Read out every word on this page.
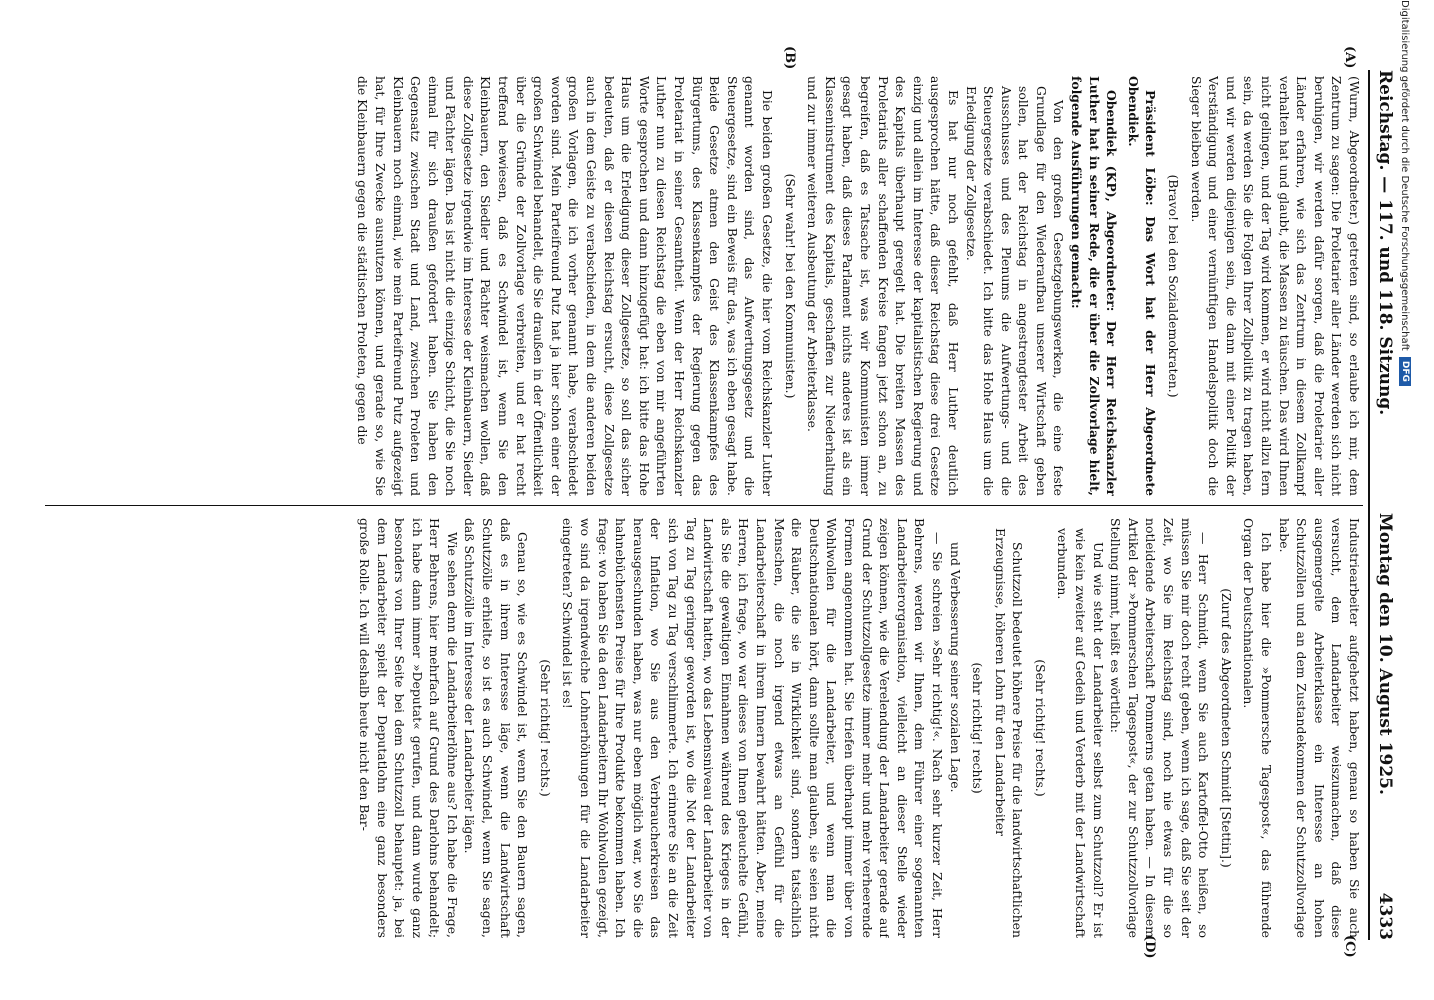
Reichstag. — 117. und 118. Sitzung.
Montag den 10. August 1925.
4333
(A)
(B)
(C)
(D)

(Wurm, Abgeordneter.) getreten sind, so erlaube ich mir, dem Zentrum zu sagen: Die Proletarier aller Länder werden sich nicht beruhigen, wir werden dafür sorgen, daß die Proletarier aller Länder erfahren, wie sich das Zentrum in diesem Zollkampf verhalten hat und glaubt, die Massen zu täuschen. Das wird Ihnen nicht gelingen, und der Tag wird kommen, er wird nicht allzu fern sein, da werden Sie die Folgen Ihrer Zollpolitik zu tragen haben, und wir werden diejenigen sein, die dann mit einer Politik der Verständigung und einer vernünftigen Handelspolitik doch die Sieger bleiben werden.

(Bravo! bei den Sozialdemokraten.)

Präsident Löbe: Das Wort hat der Herr Abgeordnete Obendiek.

Obendiek (KP), Abgeordneter: Der Herr Reichskanzler Luther hat in seiner Rede, die er über die Zollvorlage hielt, folgende Ausführungen gemacht:

Von den großen Gesetzgebungswerken, die eine feste Grundlage für den Wiederaufbau unserer Wirtschaft geben sollen, hat der Reichstag in angestrengtester Arbeit des Ausschusses und des Plenums die Aufwertungs- und die Steuergesetze verabschiedet. Ich bitte das Hohe Haus um die Erledigung der Zollgesetze.

Es hat nur noch gefehlt, daß Herr Luther deutlich ausgesprochen hätte, daß dieser Reichstag diese drei Gesetze einzig und allein im Interesse der kapitalistischen Regierung und des Kapitals überhaupt geregelt hat. Die breiten Massen des Proletariats aller schaffenden Kreise fangen jetzt schon an, zu begreifen, daß es Tatsache ist, was wir Kommunisten immer gesagt haben, daß dieses Parlament nichts anderes ist als ein Klasseninstrument des Kapitals, geschaffen zur Niederhaltung und zur immer weiteren Ausbeutung der Arbeiterklasse.

(Sehr wahr! bei den Kommunisten.)

Die beiden großen Gesetze, die hier vom Reichskanzler Luther genannt worden sind, das Aufwertungsgesetz und die Steuergesetze, sind ein Beweis für das, was ich eben gesagt habe. Beide Gesetze atmen den Geist des Klassenkampfes des Bürgertums, des Klassenkampfes der Regierung gegen das Proletariat in seiner Gesamtheit. Wenn der Herr Reichskanzler Luther nun zu diesen Reichstag die eben von mir angeführten Worte gesprochen und dann hinzugefügt hat: ich bitte das Hohe Haus um die Erledigung dieser Zollgesetze, so soll das sicher bedeuten, daß er diesen Reichstag ersucht, diese Zollgesetze auch in dem Geiste zu verabschieden, in dem die anderen beiden großen Vorlagen, die ich vorher genannt habe, verabschiedet worden sind. Mein Parteifreund Putz hat ja hier schon einer der großen Schwindel behandelt, die Sie draußen in der Öffentlichkeit über die Gründe der Zollvorlage verbreiten, und er hat recht treffend bewiesen, daß es Schwindel ist, wenn Sie den Kleinbauern, den Siedler und Pächter weismachen wollen, daß diese Zollgesetze irgendwie im Interesse der Kleinbauern, Siedler und Pächter lägen. Das ist nicht die einzige Schicht, die Sie noch einmal für sich draußen gefordert haben. Sie haben den Gegensatz zwischen Stadt und Land, zwischen Proleten und Kleinbauern noch einmal, wie mein Parteifreund Putz aufgezeigt hat, für Ihre Zwecke ausnutzen können, und gerade so, wie Sie die Kleinbauern gegen die städtischen Proleten, gegen die

Industriearbeiter aufgehetzt haben, genau so haben Sie auch versucht, dem Landarbeiter weiszumachen, daß diese ausgemergelte Arbeiterklasse ein Interesse an hohen Schutzzöllen und an dem Zustandekommen der Schutzzollvorlage habe.

Ich habe hier die »Pommersche Tagespost«, das führende Organ der Deutschnationalen.

(Zuruf des Abgeordneten Schmidt [Stettin].)

— Herr Schmidt, wenn Sie auch Kartoffel-Otto heißen, so müssen Sie mir doch recht geben, wenn ich sage, daß Sie seit der Zeit, wo Sie im Reichstag sind, noch nie etwas für die so notleidende Arbeiterschaft Pommerns getan haben. — In diesem Artikel der »Pommerschen Tagespost«, der zur Schutzzollvorlage Stellung nimmt, heißt es wörtlich:

Und wie steht der Landarbeiter selbst zum Schutzzoll? Er ist wie kein zweiter auf Gedeih und Verderb mit der Landwirtschaft verbunden.

(Sehr richtig! rechts.)

Schutzzoll bedeutet höhere Preise für die landwirtschaftlichen Erzeugnisse, höheren Lohn für den Landarbeiter

(sehr richtig! rechts)

und Verbesserung seiner sozialen Lage.

— Sie schreien »Sehr richtig!«. Nach sehr kurzer Zeit, Herr Behrens, werden wir Ihnen, dem Führer einer sogenannten Landarbeiterorganisation, vielleicht an dieser Stelle wieder zeigen können, wie die Verelendung der Landarbeiter gerade auf Grund der Schutzzollgesetze immer mehr und mehr verheerende Formen angenommen hat. Sie triefen überhaupt immer über von Wohlwollen für die Landarbeiter, und wenn man die Deutschnationalen hört, dann sollte man glauben, sie seien nicht die Räuber, die sie in Wirklichkeit sind, sondern tatsächlich Menschen, die noch irgend etwas an Gefühl für die Landarbeiterschaft in ihrem Innern bewahrt hätten. Aber, meine Herren, ich frage, wo war dieses von Ihnen geheuchelte Gefühl, als Sie die gewaltigen Einnahmen während des Krieges in der Landwirtschaft hatten, wo das Lebensniveau der Landarbeiter von Tag zu Tag geringer geworden ist, wo die Not der Landarbeiter sich von Tag zu Tag verschlimmerte. Ich erinnere Sie an die Zeit der Inflation, wo Sie aus den Verbraucherkreisen das herausgeschunden haben, was nur eben möglich war, wo Sie die hahnebüchensten Preise für Ihre Produkte bekommen haben. Ich frage: wo haben Sie da den Landarbeitern Ihr Wohlwollen gezeigt, wo sind da irgendwelche Lohnerhöhungen für die Landarbeiter eingetreten? Schwindel ist es!

(Sehr richtig! rechts.)

Genau so, wie es Schwindel ist, wenn Sie den Bauern sagen, daß es in ihrem Interesse läge, wenn die Landwirtschaft Schutzzölle erhielte, so ist es auch Schwindel, wenn Sie sagen, daß Schutzzölle im Interesse der Landarbeiter lägen.

Wie sehen denn die Landarbeiterlöhne aus? Ich habe die Frage, Herr Behrens, hier mehrfach auf Grund des Darlohns behandelt; ich habe dann immer »Deputat« gerufen, und dann wurde ganz besonders von Ihrer Seite bei dem Schutzzoll behauptet: ja, bei dem Landarbeiter spielt der Deputatlohn eine ganz besonders große Rolle. Ich will deshalb heute nicht den Bar-

Digitalisierung gefördert durch die Deutsche Forschungsgemeinschaft
DFG
